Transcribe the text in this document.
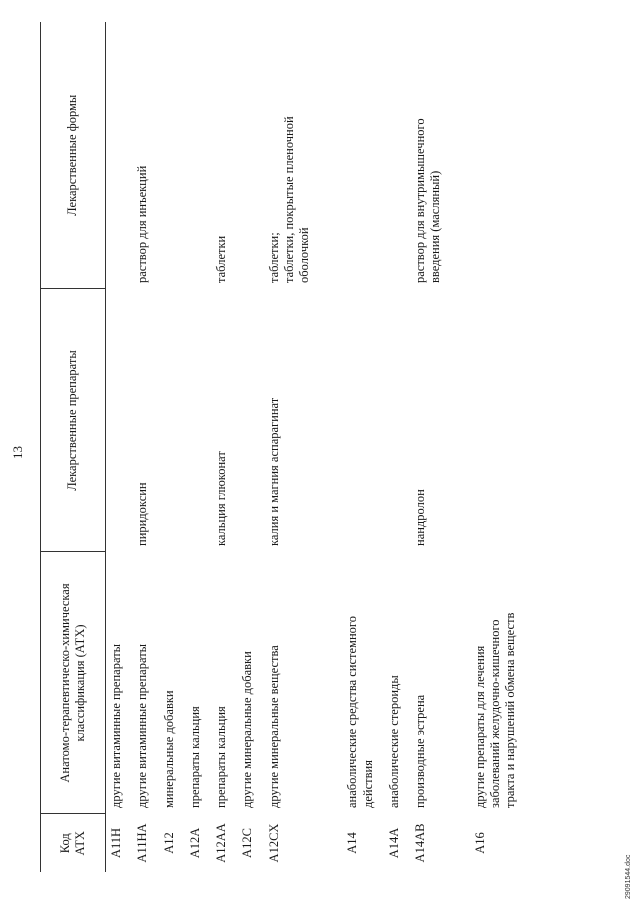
13
Код АТХ	Анатомо-терапевтическо-химическая классификация (АТХ)	Лекарственные препараты	Лекарственные формы
A11H	другие витаминные препараты		

A11HA	другие витаминные препараты	пиридоксин	раствор для инъекций

A12	минеральные добавки		

A12A	препараты кальция		

A12AA	препараты кальция	кальция глюконат	таблетки

A12C	другие минеральные добавки		

A12CX	другие минеральные вещества	калия и магния аспарагинат	таблетки; таблетки, покрытые пленочной оболочкой

A14	анаболические средства системного действия		

A14A	анаболические стероиды		

A14AB	производные эстрена	нандролон	раствор для внутримышечного введения (масляный)

A16	другие препараты для лечения заболеваний желудочно-кишечного тракта и нарушений обмена веществ		

29091544.doc
